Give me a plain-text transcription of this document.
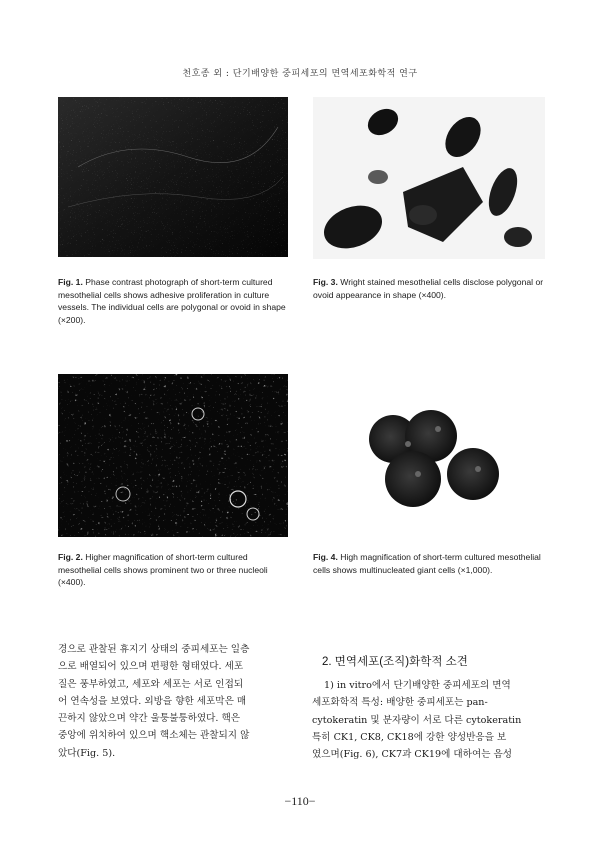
천호종 외 : 단기배양한 중피세포의 면역세포화학적 연구
Fig. 1. Phase contrast photograph of short-term cultured mesothelial cells shows adhesive proliferation in culture vessels. The individual cells are polygonal or ovoid in shape (×200).
Fig. 3. Wright stained mesothelial cells disclose polygonal or ovoid appearance in shape (×400).
Fig. 2. Higher magnification of short-term cultured mesothelial cells shows prominent two or three nucleoli (×400).
Fig. 4. High magnification of short-term cultured mesothelial cells shows multinucleated giant cells (×1,000).
경으로 관찰된 휴지기 상태의 중피세포는 일층
으로 배열되어 있으며 편평한 형태였다. 세포
질은 풍부하였고, 세포와 세포는 서로 인접되
어 연속성을 보였다. 외방을 향한 세포막은 매
끈하지 않았으며 약간 울퉁불퉁하였다. 핵은
중앙에 위치하여 있으며 핵소체는 관찰되지 않
았다(Fig. 5).
2. 면역세포(조직)화학적 소견
1) in vitro에서 단기배양한 중피세포의 면역
세포화학적 특성: 배양한 중피세포는 pan-
cytokeratin 및 분자량이 서로 다른 cytokeratin
특히 CK1, CK8, CK18에 강한 양성반응을 보
였으며(Fig. 6), CK7과 CK19에 대하여는 음성
−110−
